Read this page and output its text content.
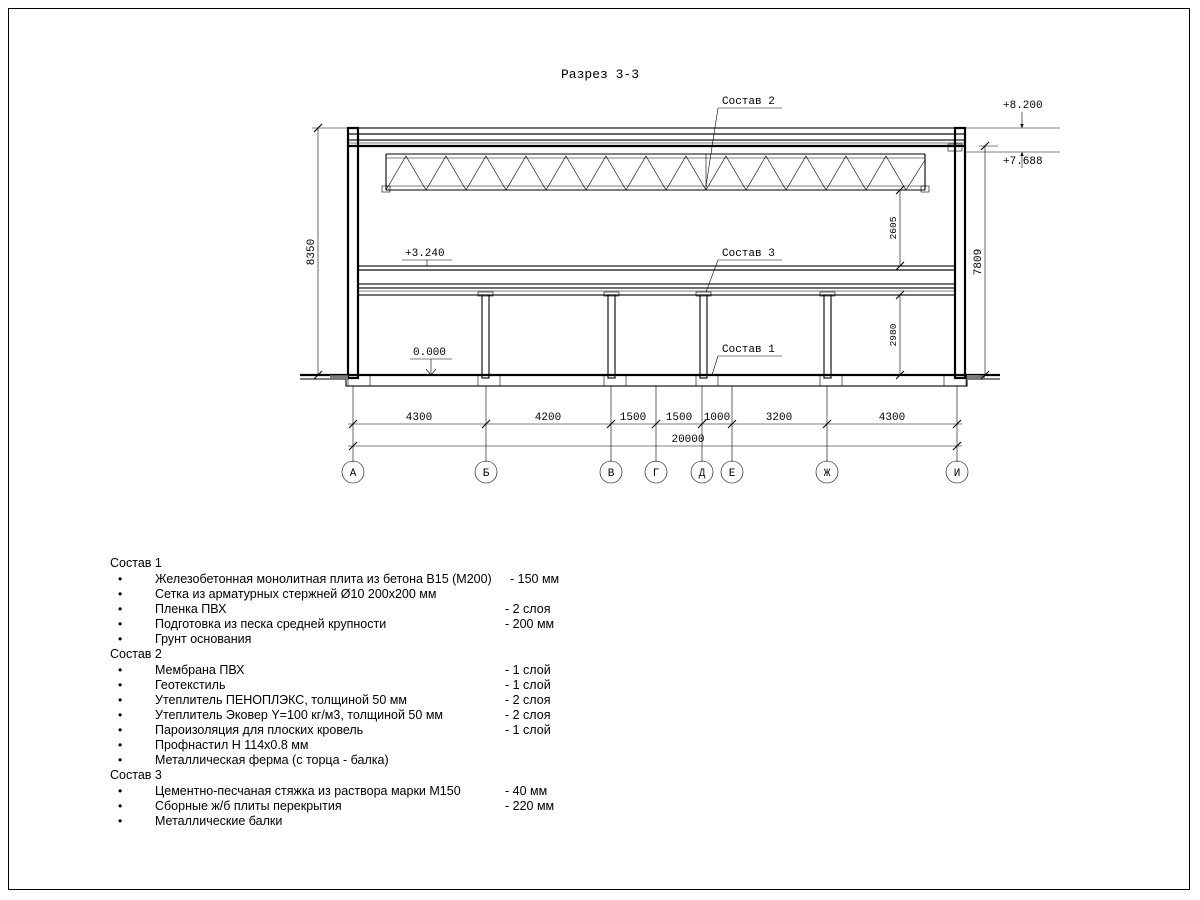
Разрез 3-3
+8.200
+7.688
+3.240
0.000
Состав 2
Состав 3
Состав 1
8350	7809
2605
2980
4300	4200	1500 1500 1000	3200	4300
20000
А	Б	В	Г	Д Е	Ж	И
Состав 1
•	Железобетонная монолитная плита из бетона В15 (М200) - 150 мм
•	Сетка из арматурных стержней Ø10 200х200 мм
•	Пленка ПВХ	- 2 слоя
•	Подготовка из песка средней крупности	- 200 мм
•	Грунт основания
Состав 2
•	Мембрана ПВХ	- 1 слой
•	Геотекстиль	- 1 слой
•	Утеплитель ПЕНОПЛЭКС, толщиной 50 мм	- 2 слоя
•	Утеплитель Эковер Y=100 кг/м3, толщиной 50 мм	- 2 слоя
•	Пароизоляция для плоских кровель	- 1 слой
•	Профнастил Н 114х0.8 мм
•	Металлическая ферма (с торца - балка)
Состав 3
•	Цементно-песчаная стяжка из раствора марки М150	- 40 мм
•	Сборные ж/б плиты перекрытия	- 220 мм
•	Металлические балки
